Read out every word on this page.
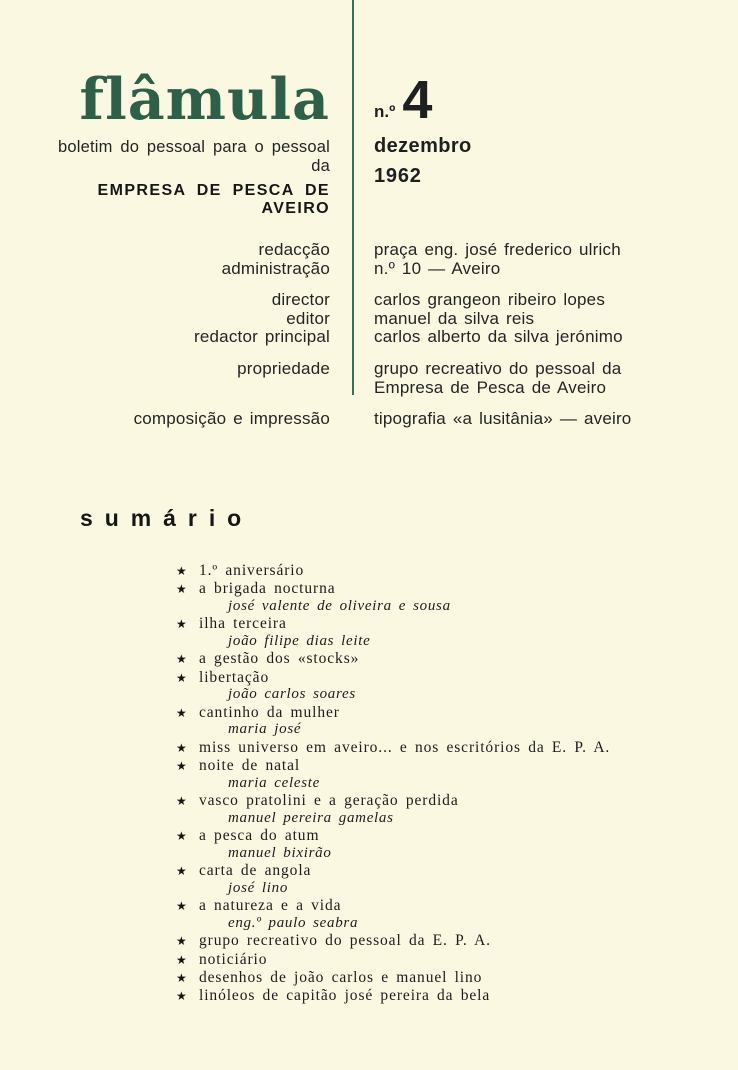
flâmula
boletim do pessoal para o pessoal da
EMPRESA DE PESCA DE AVEIRO
n.º 4
dezembro
1962
redacção
administração
praça eng. josé frederico ulrich
n.º 10 — Aveiro
director
editor
redactor principal
carlos grangeon ribeiro lopes
manuel da silva reis
carlos alberto da silva jerónimo
propriedade	grupo recreativo do pessoal da
Empresa de Pesca de Aveiro
composição e impressão	tipografia «a lusitânia» — aveiro
sumário
★ 1.º aniversário
★ a brigada nocturna
josé valente de oliveira e sousa
★ ilha terceira
joão filipe dias leite
★ a gestão dos «stocks»
★ libertação
joão carlos soares
★ cantinho da mulher
maria josé
★ miss universo em aveiro... e nos escritórios da E. P. A.
★ noite de natal
maria celeste
★ vasco pratolini e a geração perdida
manuel pereira gamelas
★ a pesca do atum
manuel bixirão
★ carta de angola
josé lino
★ a natureza e a vida
eng.º paulo seabra
★ grupo recreativo do pessoal da E. P. A.
★ noticiário
★ desenhos de joão carlos e manuel lino
★ linóleos de capitão josé pereira da bela
